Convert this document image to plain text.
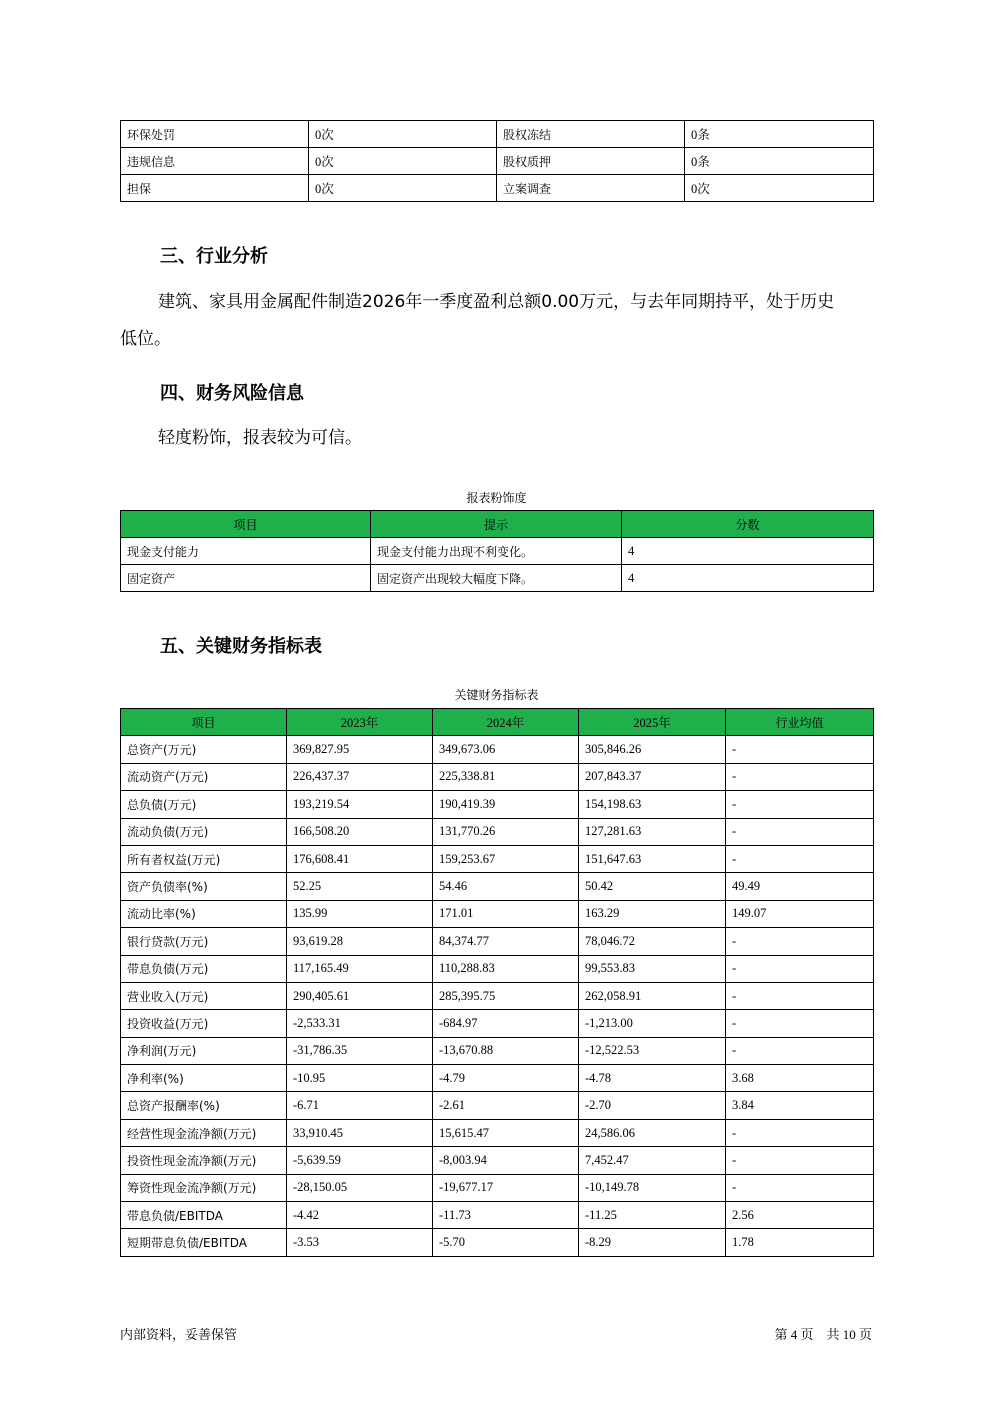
环保处罚	0次	股权冻结	0条
违规信息	0次	股权质押	0条
担保	0次	立案调查	0次
三、行业分析

建筑、家具用金属配件制造2026年一季度盈利总额0.00万元，与去年同期持平，处于历史

低位。

四、财务风险信息

轻度粉饰，报表较为可信。

报表粉饰度
项目	提示	分数
现金支付能力	现金支付能力出现不利变化。	4
固定资产	固定资产出现较大幅度下降。	4
五、关键财务指标表
关键财务指标表
项目	2023年	2024年	2025年	行业均值
总资产(万元)	369,827.95	349,673.06	305,846.26	-
流动资产(万元)	226,437.37	225,338.81	207,843.37	-
总负债(万元)	193,219.54	190,419.39	154,198.63	-
流动负债(万元)	166,508.20	131,770.26	127,281.63	-
所有者权益(万元)	176,608.41	159,253.67	151,647.63	-
资产负债率(%)	52.25	54.46	50.42	49.49
流动比率(%)	135.99	171.01	163.29	149.07
银行贷款(万元)	93,619.28	84,374.77	78,046.72	-
带息负债(万元)	117,165.49	110,288.83	99,553.83	-
营业收入(万元)	290,405.61	285,395.75	262,058.91	-
投资收益(万元)	-2,533.31	-684.97	-1,213.00	-
净利润(万元)	-31,786.35	-13,670.88	-12,522.53	-
净利率(%)	-10.95	-4.79	-4.78	3.68
总资产报酬率(%)	-6.71	-2.61	-2.70	3.84
经营性现金流净额(万元)	33,910.45	15,615.47	24,586.06	-
投资性现金流净额(万元)	-5,639.59	-8,003.94	7,452.47	-
筹资性现金流净额(万元)	-28,150.05	-19,677.17	-10,149.78	-
带息负债/EBITDA	-4.42	-11.73	-11.25	2.56
短期带息负债/EBITDA	-3.53	-5.70	-8.29	1.78
内部资料，妥善保管	第 4 页　共 10 页
